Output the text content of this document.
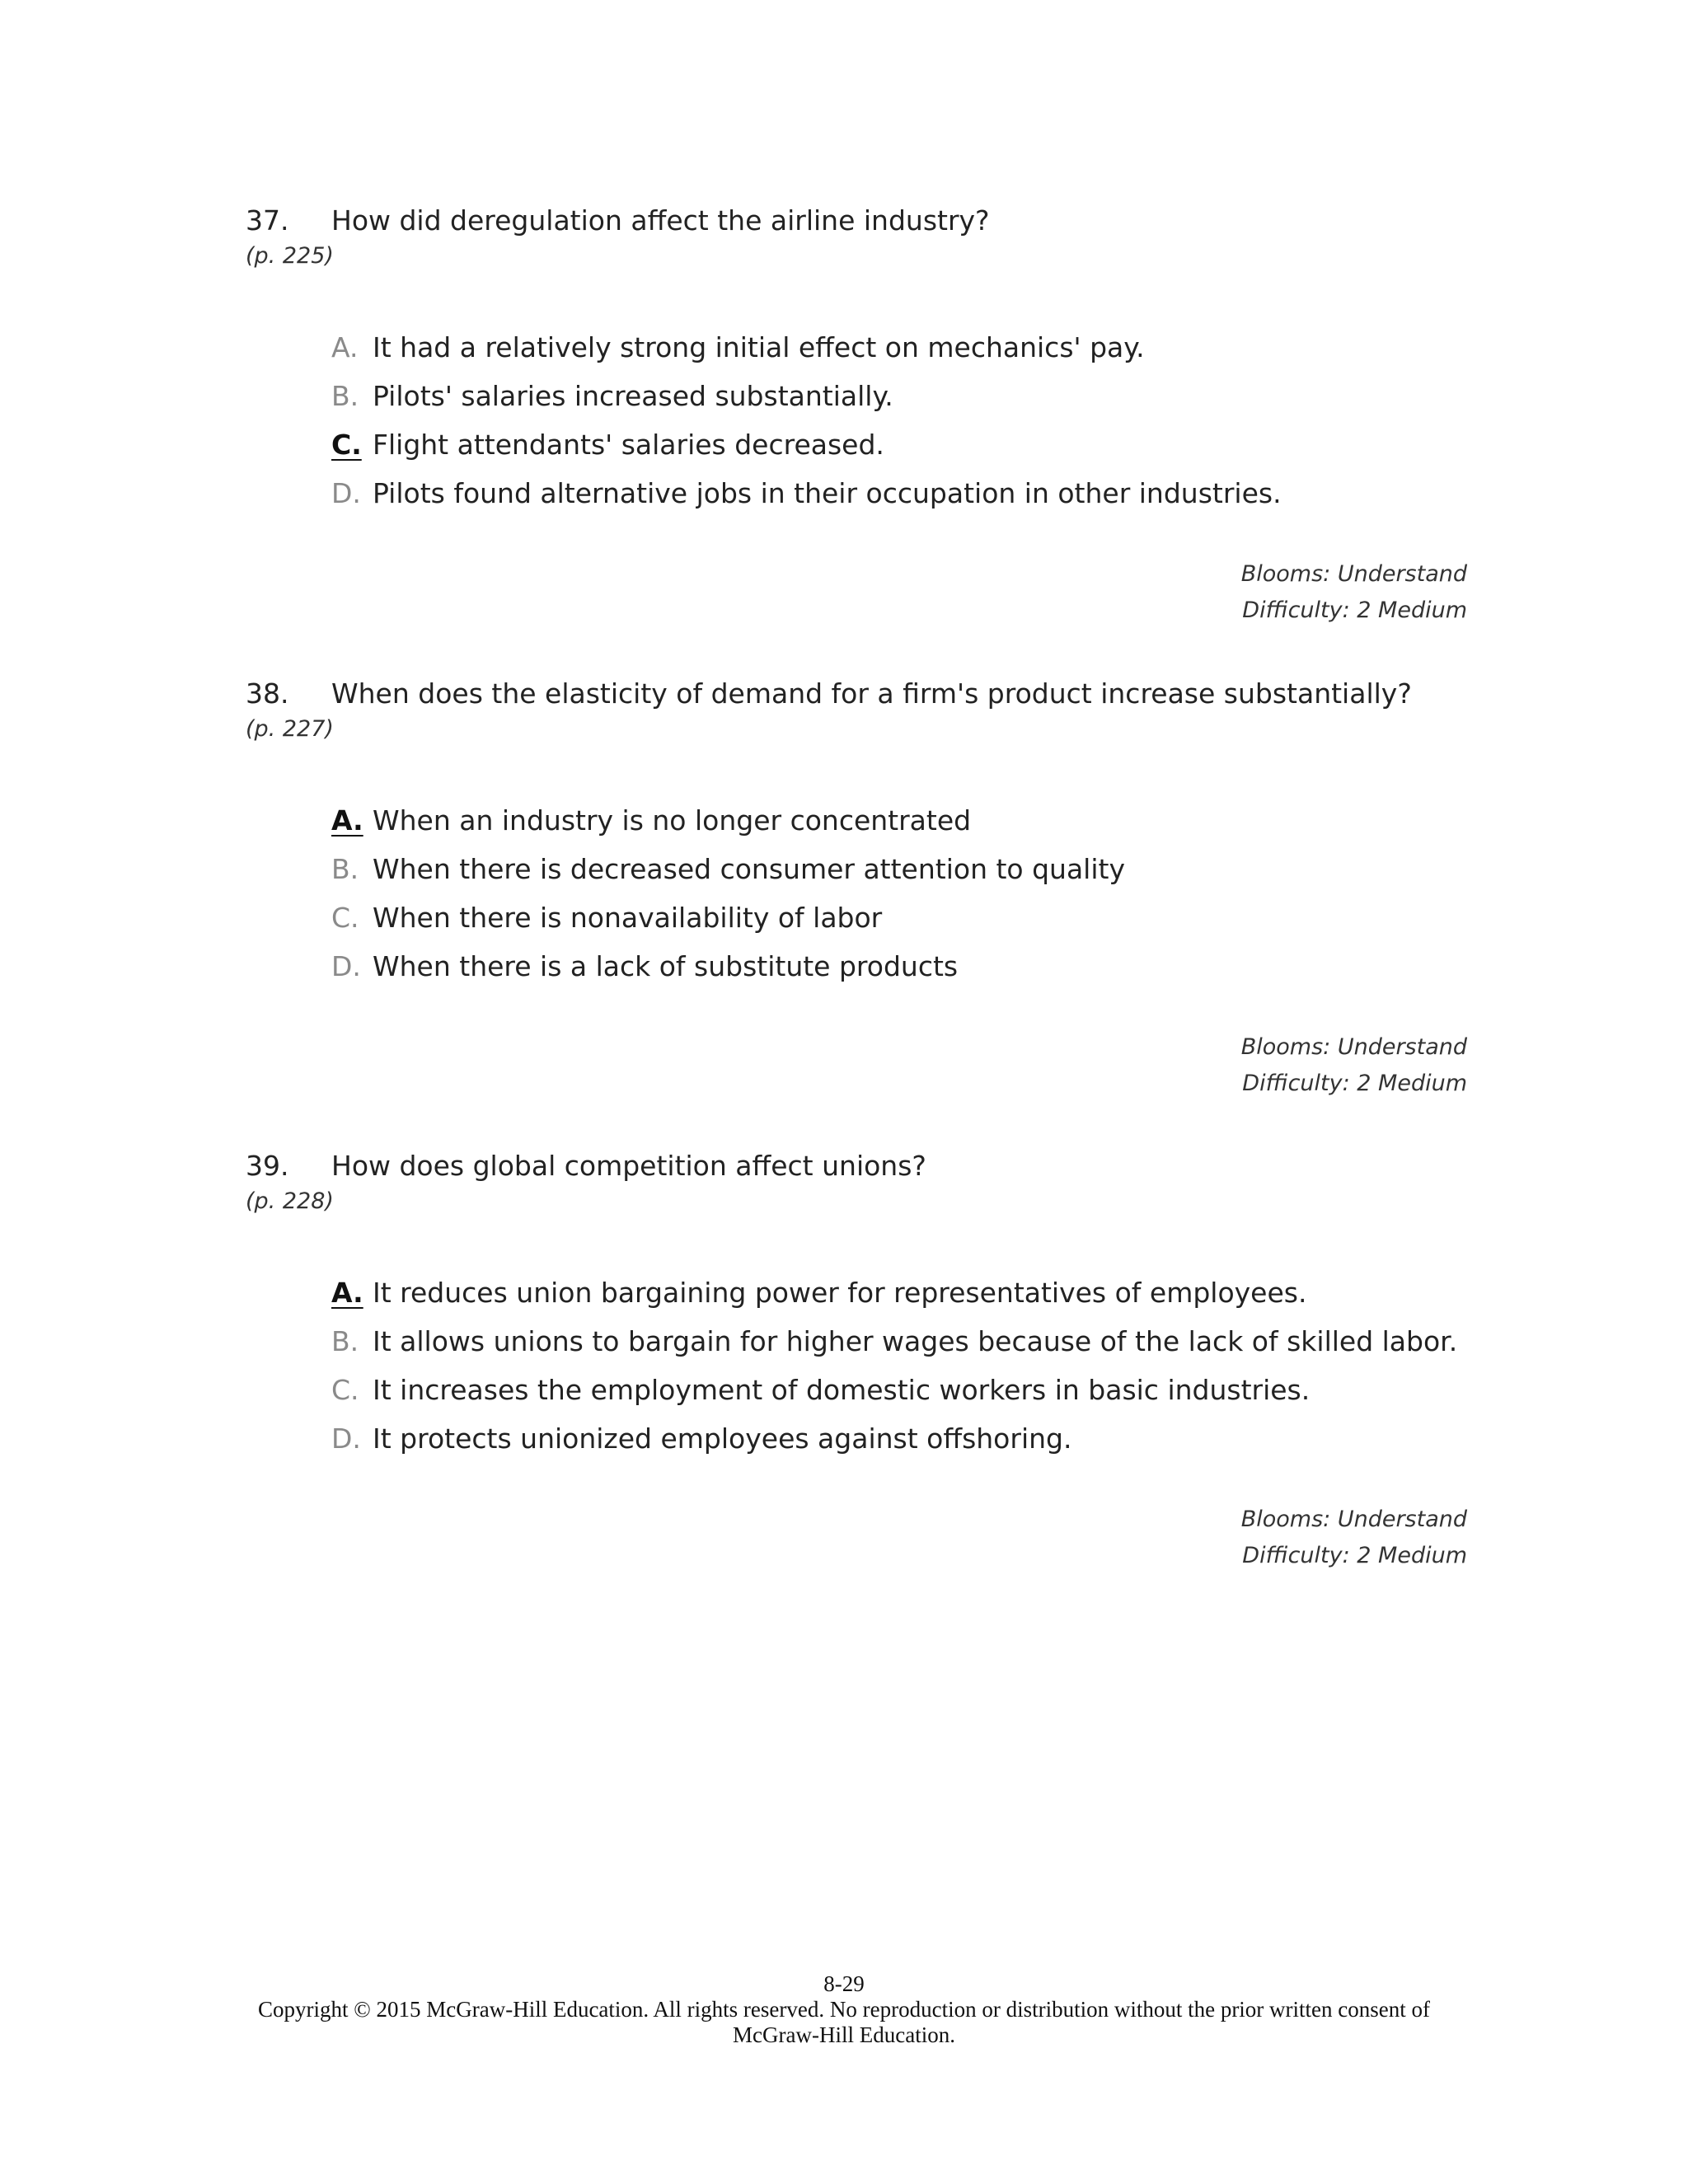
37. How did deregulation affect the airline industry?
(p. 225)
A. It had a relatively strong initial effect on mechanics' pay.
B. Pilots' salaries increased substantially.
C. Flight attendants' salaries decreased.
D. Pilots found alternative jobs in their occupation in other industries.
Blooms: Understand
Difficulty: 2 Medium
38. When does the elasticity of demand for a firm's product increase substantially?
(p. 227)
A. When an industry is no longer concentrated
B. When there is decreased consumer attention to quality
C. When there is nonavailability of labor
D. When there is a lack of substitute products
Blooms: Understand
Difficulty: 2 Medium
39. How does global competition affect unions?
(p. 228)
A. It reduces union bargaining power for representatives of employees.
B. It allows unions to bargain for higher wages because of the lack of skilled labor.
C. It increases the employment of domestic workers in basic industries.
D. It protects unionized employees against offshoring.
Blooms: Understand
Difficulty: 2 Medium
8-29
Copyright © 2015 McGraw-Hill Education. All rights reserved. No reproduction or distribution without the prior written consent of
McGraw-Hill Education.
